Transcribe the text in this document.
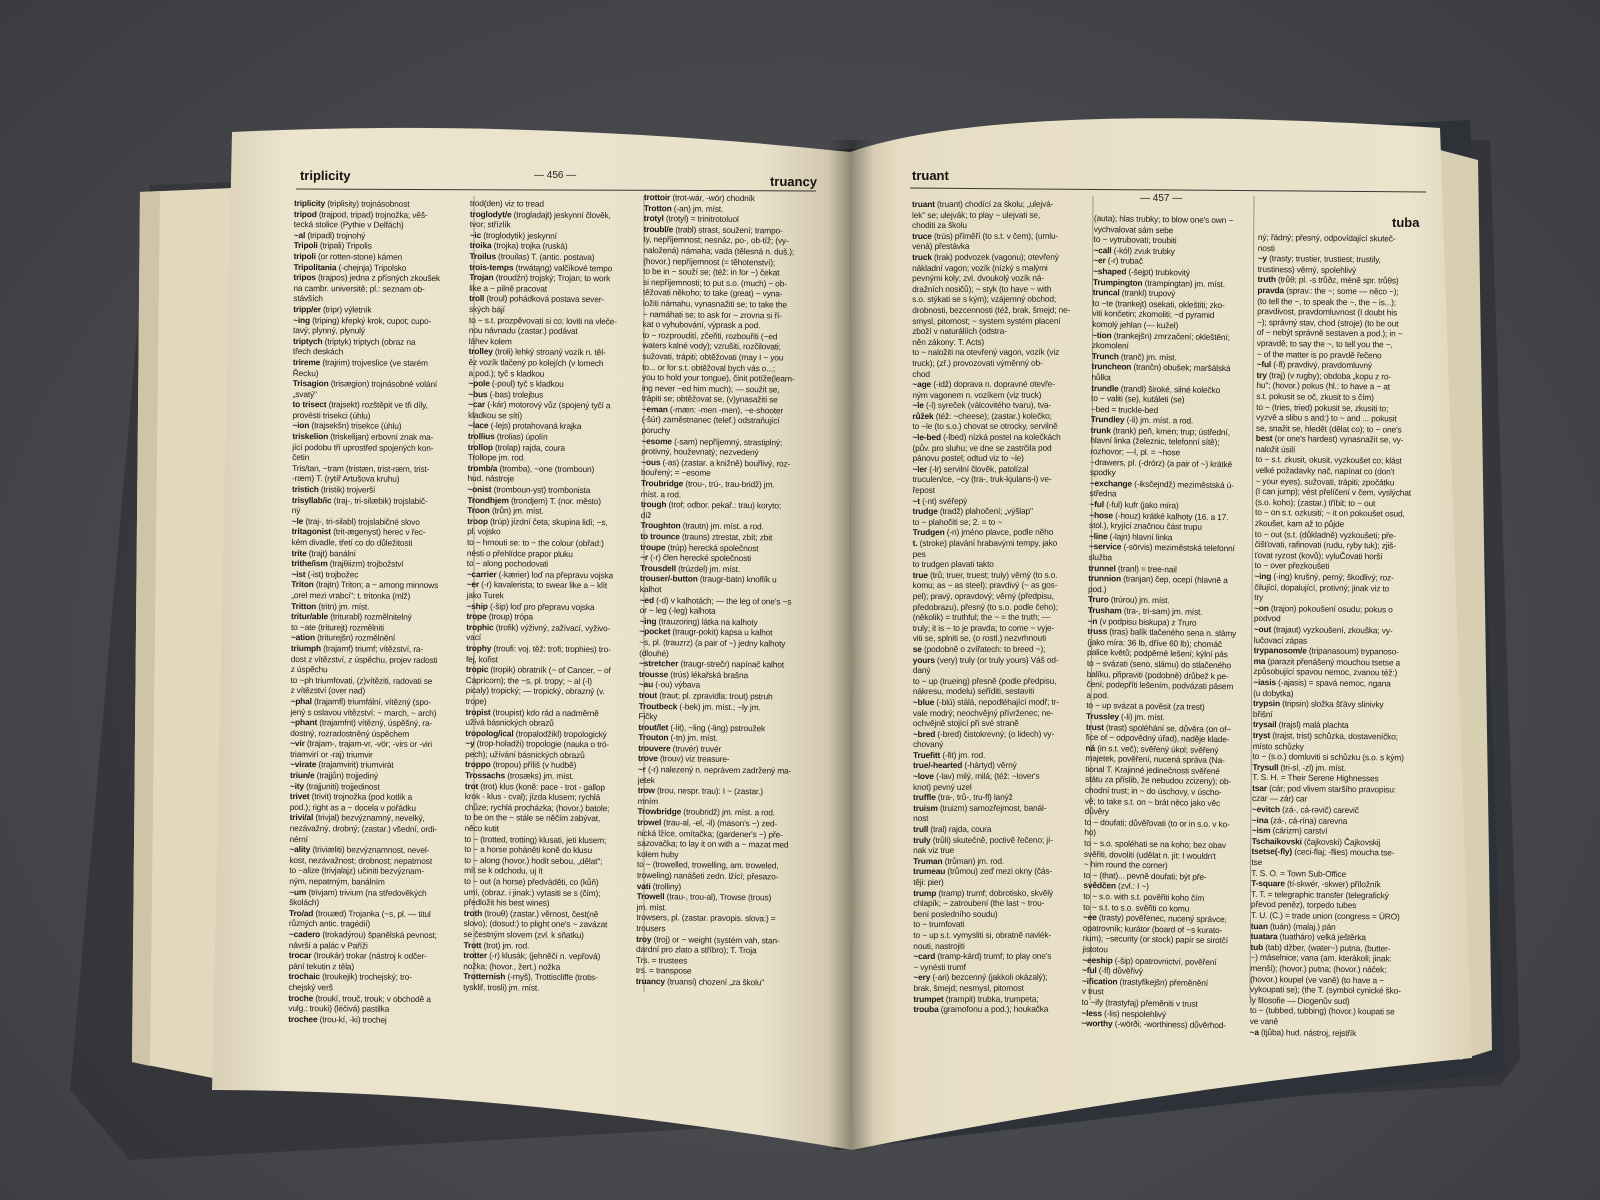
triplicity	— 456 —	truancy	truant
— 457 —
tuba
triplicity (triplisity) trojnásobnost
tripod (trajpod, tripad) trojnožka; věš-
tecká stolice (Pythie v Delfách)
~al (tripadl) trojnohý
Tripoli (tripali) Tripolis
tripoli (or rotten-stone) kámen
Tripolitania (-chejnja) Tripolsko
tripos (trajpos) jedna z přísných zkoušek
na cambr. universitě; pl.: seznam ob-
stávších
tripp/er (tripr) výletník
~ing (triping) křepký krok, cupot; cupo-
tavý; plynný, plynulý
triptych (triptyk) triptych (obraz na
třech deskách
trireme (trajrim) trojveslice (ve starém
Řecku)
Trisagion (trisægion) trojnásobné volání
„svatý"
to trisect (trajsekt) rozštěpit ve tři díly,
provésti trisekci (úhlu)
~ion (trajsekšn) trisekce (úhlu)
triskelion (triskelijan) erbovní znak ma-
jící podobu tří uprostřed spojených kon-
četin
Tris/tan, ~tram (tristæn, trist-ræm, trist-
-ræm) T. (rytíř Artušova kruhu)
tristich (tristik) trojverší
trisyllab/ic (traj-, tri-silæbik) trojslabič-
ný
~le (traj-, tri-silabl) trojslabičné slovo
tritagonist (trit-ægenyst) herec v řec-
kém divadle, třetí co do důležitosti
trite (trajt) banální
trithe/ism (trajθiizm) trojbožství
~ist (-ist) trojbožec
Triton (trajtn) Triton; a ~ among minnows
„orel mezi vrabci"; t. tritonka (mlž)
Tritton (tritn) jm. míst.
tritur/able (triturabl) rozmělnitelný
to ~ate (triturejt) rozmělniti
~ation (triturejšn) rozmělnění
triumph (trajamf) triumf; vítězství, ra-
dost z vítězství, z úspěchu, projev radosti
z úspěchu
to ~ph triumfovati, (z)vítěziti, radovati se
z vítězství (over nad)
~phal (trajamfl) triumfální, vítězný (spo-
jený s oslavou vítězství: ~ march, ~ arch)
~phant (trajamfnt) vítězný, úspěšný, ra-
dostný, rozradostněný úspěchem
~vir (trajam-, trajam-vr, -vör; -virs or -viri
triamvirí or -raj) triumvir
~virate (trajamvirit) triumvirát
triun/e (trajjůn) trojjediný
~ity (trajjuniti) trojjedinost
trivet (trivit) trojnožka (pod kotlík a
pod.); right as a ~ docela v pořádku
trivi/al (trivjal) bezvýznamný, nevelký,
nezávažný, drobný; (zastar.) všední, ordi-
nérní
~ality (triviæliti) bezvýznamnost, nevel-
kost, nezávažnost; drobnost; nepatrnost
to ~alize (trivjalajz) učiniti bezvýznam-
ným, nepatrným, banálním
~um (trivjam) trivium (na středověkých
školách)
Tro/ad (trouæd) Trojanka (~s, pl. — titul
různých antic. tragédií)
~cadero (trokadýrou) španělská pevnost;
návrší a palác v Paříži
trocar (troukár) trokar (nástroj k odčer-
pání tekutin z těla)
trochaic (troukejik) trochejský; tro-
chejský verš
troche (troukí, trouč, trouk; v obchodě a
vulg.: trouki) (léčivá) pastilka
trochee (trou-kí, -ki) trochej
trod(den) viz to tread
troglodyt/e (trogladajt) jeskynní člověk,
tvor; střízlík
~ic (troglodytik) jeskynní
troika (trojka) trojka (ruská)
Troilus (trouilas) T. (antic. postava)
trois-temps (trwátąng) valčíkové tempo
Trojan (troudžn) trojský; Trojan; to work
like a ~ pilně pracovat
troll (troul) pohádková postava sever-
ských bájí
to ~ s.t. prozpěvovati si co; loviti na vleče-
nou návnadu (zastar.) podávat
láhev kolem
trolley (troli) lehký stroaný vozík n. těl-
ěz vozík tlačený po kolejích (v lomech
a pod.); tyč s kladkou
~pole (-poul) tyč s kladkou
~bus (-bas) trolejbus
~car (-kár) motorový vůz (spojený tyčí a
kladkou se sítí)
~lace (-lejs) protahovaná krajka
trollius (trolias) úpolín
trollop (trolap) rajda, coura
Trollope jm. rod.
tromb/a (tromba), ~one (tromboun)
hud. nástroje
~onist (tromboun-yst) trombonista
Trondhjem (trondjem) T. (nor. město)
Troon (trůn) jm. míst.
troop (trúp) jízdní četa; skupina lidí; ~s,
pl. vojsko
to ~ hrnouti se: to ~ the colour (obřad:)
nésti o přehlídce prapor pluku
to ~ along pochodovati
~carrier (-kærier) loď na přepravu vojska
~er (-r) kavalerista; to swear like a ~ klít
jako Turek
~ship (-šip) loď pro přepravu vojska
trope (troup) trópa
trophic (trofik) výživný, zažívací, vyživo-
vací
trophy (troufi: voj. těž: trofi; trophies) tro-
fej, kořist
tropic (tropik) obratník (~ of Cancer, ~ of
Capricorn); the ~s, pl. tropy; ~ al (-l)
picaly) tropický; — tropický, obrazný (v.
trope)
tropist (troupist) kdo rád a nadměrně
užívá básnických obrazů
tropolog/ical (tropalodžikl) tropologický
~y (trop-holadži) tropologie (nauka o tró-
pech); užívání básnických obrazů
troppo (tropou) příliš (v hudbě)
Trossachs (trosæks) jm. míst.
trot (trot) klus (koně: pace - trot - gallop
krok - klus - cval); jízda klusem; rychlá
chůze; rychlá procházka; (hovor.) batole;
to be on the ~ stále se něčím zabývat,
něco kutit
to ~ (trotted, trotting) klusati, jeti klusem;
to ~ a horse poháněti koně do klusu
to ~ along (hovor.) hodit sebou, „dělat";
mít se k odchodu, uj ít
to ~ out (a horse) předváděti, co (kůň)
umí, (obraz. i jinak:) vytasiti se s (čím);
předložit his best wines)
troth (trouθ) (zastar.) věrnost, čest(ně
slovo); (dosud:) to plight one's ~ zavázat
se čestným slovem (zvl. k sňatku)
Trott (trot) jm. rod.
trotter (-r) klusák; (jehněčí n. vepřová)
nožka; (hovor., žert.) nožka
Trotternish (-rnyš), Trottiscliffe (trotis-
tysklif, trosli) jm. míst.
trottoir (trot-wár, -wór) chodník
Trotton (-an) jm. míst.
trotyl (trotyl) = trinitrotoluol
troubl/e (trabl) strast, soužení; trampo-
ty, nepříjemnost; nesnáz, po-, ob-tíž; (vy-
naložená) námaha; vada (tělesná n. duš.);
(hovor.) nepříjemnost (= těhotenství);
to be in ~ souží se; (též: in for ~) čekat
si nepříjemnosti; to put s.o. (much) ~ ob-
těžovati někoho; to take (great) ~ vyna-
ložiti námahu, vynasnažiti se; to take the
~ namáhati se; to ask for ~ zrovna si ří-
kat o vyhubování, výprask a pod.
to ~ rozproudití, zčeřiti, rozbouřiti (~ed
waters kalné vody); vzrušiti, rozčilovati;
sužovati, trápiti; obtěžovati (may I ~ you
to... or for s.t. obtěžoval bych vás o...;
you to hold your tongue), činit potíže(learn-
ing never ~ed him much); — soužit se,
trápiti se; obtěžovat se, (v)ynasažiti se
~eman (-mæn: -men -men), ~e-shooter
(-šúr) zaměstnanec (telef.) odstraňující
poruchy
~esome (-sam) nepříjemný, strastiplný;
protivný, houževnatý; nezvedený
~ous (-as) (zastar. a knižně) bouřlivý, roz-
bouřený; = ~esome
Troubridge (trou-, trú-, trau-bridž) jm.
míst. a rod.
trough (trof; odbor. pekař.: trau) koryto;
díž
Troughton (trautn) jm. míst. a rod.
to trounce (trauns) ztrestat, zbít; zbit
troupe (trúp) herecká společnost
~r (-r) člen herecké společnosti
Trousdell (trúzdel) jm. míst.
trouser/-button (traugr-batn) knoflík u
kalhot
~ed (-d) v kalhotách; — the leg of one's ~s
or ~ leg (-leg) kalhota
~ing (trauzoring) látka na kalhoty
~pocket (traugr-pokit) kapsa u kalhot
~s, pl. (trauzrz) (a pair of ~) jedny kalhoty
(dlouhé)
~stretcher (traugr-strečr) napínač kalhot
trousse (trús) lékařská brašna
~au (-ou) výbava
trout (traut; pl. zpravidla: trout) pstruh
Troutbeck (-bek) jm. míst.; ~ly jm.
Fičky
trout/let (-lit), ~ling (-ling) pstroužek
Trouton (-tn) jm. míst.
trouvere (truvér) truvér
trove (trouv) viz treasure-
~r (-r) nalezený n. neprávem zadržený ma-
jetek
trow (trou, nespr. trau): I ~ (zastar.)
mním
Trowbridge (troubridž) jm. míst. a rod.
trowel (trau-al, -el, -il) (mason's ~) zed-
nická lžíce, omítačka; (gardener's ~) pře-
sazovačka; to lay it on with a ~ mazat med
kolem huby
to ~ (trowelled, trowelling, am. troweled,
troweling) nanášeti zedn. lžící; přesazo-
vati (trolliny)
Trowell (trau-, trou-al), Trowse (trous)
jm. míst.
trowsers, pl. (zastar. pravopis. slova:) =
trousers
troy (troj) or ~ weight (systém vah, stan-
dardní pro zlato a stříbro); T. Troja
Trs. = trustees
trs. = transpose
truancy (truansi) chození „za školu"
truant (truant) chodící za školu; „ulejvá-
lek" se; ulejvák; to play ~ ulejvati se,
choditi za školu
truce (trús) příměří (to s.t. v čem); (umlu-
vená) přestávka
truck (trak) podvozek (vagonu); otevřený
nákladní vagon; vozík (nízký s malými
pevnými koly; zvl. dvoukolý vozík ná-
dražních nosičů); ~ styk (to have ~ with
s.o. stýkati se s kým); vzájemný obchod;
drobnosti, bezcennosti (též, brak, šmejd; ne-
smysl, pitomost; ~ system systém placení
zboží v naturáliích (odstra-
něn zákony: T. Acts)
to ~ naložiti na otevřený vagon, vozík (viz
truck); (zř.) provozovati výměnný ob-
chod
~age (-idž) doprava n. dopravné otevře-
ným vagonem n. vozíkem (viz truck)
~le (-l) syreček (válcovitého tvaru), tva-
růžek (též: ~cheese); (zastar.) kolečko;
to ~le (to s.o.) chovat se otrocky, servilně
~le-bed (-lbed) nízká postel na kolečkách
(pův. pro sluhu; ve dne se zastrčila pod
pánovu postel; odtud viz to ~le)
~ler (-lr) servilní člověk, patolízal
truculen/ce, ~cy (tra-, truk-kjulans-i) ve-
řepost
~t (-nt) svéřepý
trudge (tradž) plahočení; „výšlap"
to ~ plahočiti se; 2. = to ~
Trudgen (-n) jméno plavce, podle něho
t. (stroke) plavání hrabavými tempy, jako
pes
to trudgen plavati takto
true (trů; truer, truest; truly) věrný (to s.o.
komu; as ~ as steel); pravdivý (~ as gos-
pel); pravý, opravdový; věrný (předpisu,
předobrazu), přesný (to s.o. podle čeho);
(několik) = truthful; the ~ = the truth; —
truly; it is ~ to je pravda; to come ~ vyje-
viti se, splniti se, (o rostl.) nezvrhnouti
se (podobně o zvířatech: to breed ~);
yours (very) truly (or truly yours) Váš od-
daný
to ~ up (trueing) přesně (podle předpisu,
nákresu, modelu) seříditi, sestaviti
~blue (-blú) stálá, nepodléhající modř; tr-
vale modrý; neochvějný přívrženec; ne-
ochvějně stojící při své straně
~bred (-bred) čistokrevný; (o lidech) vy-
chovaný
Truefitt (-fit) jm. rod.
true/-hearted (-hártyd) věrný
~love (-lav) milý, milá; (též: ~lover's
knot) pevný uzel
truffle (tra-, trů-, tru-fl) lanýž
truism (truizm) samozřejmost, banál-
nost
trull (tral) rajda, coura
truly (trůli) skutečně, poctivě řečeno; jí-
nak viz true
Truman (trůman) jm. rod.
trumeau (trůmou) zeď mezi okny (čás-
těji: pier)
trump (tramp) trumf; dobrotisko, skvělý
chlapík; ~ zatroubení (the last ~ trou-
bení posledního soudu)
to ~ trumfovati
to ~ up s.t. vymysliti si, obratně navlék-
nouti, nastrojiti
~card (tramp-kárd) trumf; to play one's
~ vynésti trumf
~ery (-ari) bezcenný (jakkoli okázalý);
brak, šmejd; nesmysl, pitomost
trumpet (trampit) trubka, trumpeta;
trouba (gramofonu a pod.); houkačka
(auta); hlas trubky; to blow one's own ~
vychvalovat sám sebe
to ~ vytrubovati; troubiti
~call (-kól) zvuk trubky
~er (-r) trubač
~shaped (-šejpt) trubkovitý
Trumpington (trampingtan) jm. míst.
truncal (trankl) trupový
to ~te (trankejt) osekati, okleštiti; zko-
viti končetin; zkomoliti; ~d pyramid
komolý jehlan (— kužel)
~tion (trankejšn) zmrzačení; okleštění;
zkomolení
Trunch (tranč) jm. míst.
truncheon (trančn) obušek; maršálská
hůlka
trundle (trandl) široké, silné kolečko
to ~ valiti (se), kutáleti (se)
~bed = truckle-bed
Trundley (-li) jm. míst. a rod.
trunk (trank) peň, kmen; trup; ústřední,
hlavní linka (železnic, telefonní sítě);
rozhovor; —l, pl. = ~hose
~drawers, pl. (-drórz) (a pair of ~) krátké
spodky
~exchange (-iksčejndž) meziměstská ú-
středna
~ful (-ful) kufr (jako míra)
~hose (-houz) krátké kalhoty (16. a 17.
stol.), kryjící značnou část trupu
~line (-lajn) hlavní linka
~service (-sörvis) meziměstská telefonní
služba
trunnel (tranl) = tree-nail
trunnion (tranjan) čep, ocepí (hlavně a
pod.)
Truro (trúrou) jm. míst.
Trusham (tra-, tri-sam) jm. míst.
~n (v podpisu biskupa) z Truro
truss (tras) balík tlačeného sena n. slámy
(jako míra: 36 lb, dříve 60 lb); chomáč
palice květů; podpěrné lešení; kýlní pás
to ~ svázati (seno, slámu) do stlačeného
balíku, připraviti (podobně) drůbež k pe-
čení; podepříti lešením, podvázati pásem
a pod.
to ~ up svázat a pověsit (za trest)
Trussley (-li) jm. míst.
trust (trast) spoléhání se, důvěra (on of~
fice of ~ odpovědný úřad), naděje klade-
ná (in s.t. več); svěřený úkol; svěřený
majetek, pověření, nucená správa (Na-
tional T. Krajinné jedinečnosti svěřené
státu za příslib, že nebudou zcizeny); ob-
chodní trust; in ~ do úschovy, v úscho-
vě; to take s.t. on ~ brát něco jako věc
důvěry
to ~ doufati; důvěřovati (to or in s.o. v ko-
ho)
to ~ s.o. spoléhati se na koho; bez obav
svěřiti, dovoliti (udělat n. jít: I wouldn't
~ him round the corner)
to ~ (that)... pevně doufati; být pře-
svědčen (zvl.: I ~)
to ~ s.o. with s.t. pověřiti koho čím
to ~ s.t. to s.o. svěřiti co komu
~ee (trasty) pověřenec, nucený správce;
opatrovník; kurátor (board of ~s kurato-
rium); ~security (or stock) papír se sirotčí
jistotou
~eeship (-šip) opatrovnictví, pověření
~ful (-fl) důvěřivý
~ification (trastyfikejšn) přeměnění
v trust
to ~ify (trastyfaj) přeměniti v trust
~less (-lis) nespolehlivý
~worthy (-wörði; -worthiness) důvěrhod-
ný; řádný; přesný, odpovídající skuteč-
nosti
~y (trasty; trustier, trustiest; trustily,
trustiness) věrný, spolehlivý
truth (trůθ; pl. -s trůðz, méně spr. trůθs)
pravda (sprav.: the ~; some — něco ~);
(to tell the ~, to speak the ~, the ~ is...);
pravdivost, pravdomluvnost (I doubt his
~); správný stav, chod (stroje) (to be out
of ~ nebýt správně sestaven a pod.); in ~
vpravdě; to say the ~, to tell you the ~,
~ of the matter is po pravdě řečeno
~ful (-fl) pravdivý, pravdomluvný
try (traj) (v rugby); obdoba „kopu z ro-
hu"; (hovor.) pokus (hl.: to have a ~ at
s.t. pokusit se oč, zkusit to s čím)
to ~ (tries, tried) pokusit se, zkusiti to;
vyzvě a slibu s and:) to ~ and ... pokusit
se, snažit se, hledět (dělat co); to ~ one's
best (or one's hardest) vynasnažit se, vy-
naložit úsilí
to ~ s.t. zkusit, okusit, vyzkoušet co; klást
velké požadavky nač, napínat co (don't
~ your eyes), sužovati, trápiti; zpočátku
(I can jump); vést přelíčení v čem, vyslýchat
(s.o. koho); (zastar.) tříbit; to ~ out
to ~ on s.t. ozkusiti; ~ it on pokoušet osud,
zkoušet, kam až to půjde
to ~ out (s.t. (důkladně) vyzkoušeti; pře-
čišťovati, rafinovati (rudu, ryby tuk); zjiš-
ťovat ryzost (kovů); vyluČovati horší
to ~ over přezkoušeti
~ing (-ing) krušný, perný; škodlivý; roz-
čilující, dopalující, protivný; jinak viz to
try
~on (trajon) pokoušení osudu; pokus o
podvod
~out (trajaut) vyzkoušení, zkouška; vy-
lučovací zápas
trypanosom/e (tripanasoum) trypanoso-
ma (parazit přenášený mouchou tsetse a
způsobující spavou nemoc, zvanou též:)
~iasis (-ajasis) = spavá nemoc, ngana
(u dobytka)
trypsin (tripsin) složka šťávy slinivky
břišní
trysail (trajsl) malá plachta
tryst (trajst, trist) schůzka, dostaveníčko;
místo schůzky
to ~ (s.o.) domluviti si schůzku (s.o. s kým)
Trysull (tri-sl, -zl) jm. míst.
T. S. H. = Their Serene Highnesses
tsar (cár; pod vlivem staršího pravopisu:
czar — zár) car
~evitch (zá-, cá-rəvič) carevič
~ina (zá-, cá-rína) carevna
~ism (cárizm) carství
Tschaikovski (čajkovski) Čajkovskij
tsetse(-fly) (ceci-flaj; -flies) moucha tse-
tse
T. S. O. = Town Sub-Office
T-square (tí-skwér, -skwer) příložník
T. T. = telegraphic transfer (telegrafický
převod peněz), torpedo tubes
T. U. (C.) = trade union (congress = ÚRO)
tuan (tuán) (malaj.) pán
tuatara (tuatháro) velká ještěrka
tub (tab) džber, (water~) putna, (butter-
~) máselnice; vana (am. kterákoli; jinak:
menší); (hovor.) putna; (hovor.) náček;
(hovor.) koupel (ve vaně) (to have a ~
vykoupati se); (the T. (symbol cynické ško-
ly filosofie — Diogenův sud)
to ~ (tubbed, tubbing) (hovor.) koupati se
ve vaně
~a (tjůba) hud. nástroj, rejstřík
